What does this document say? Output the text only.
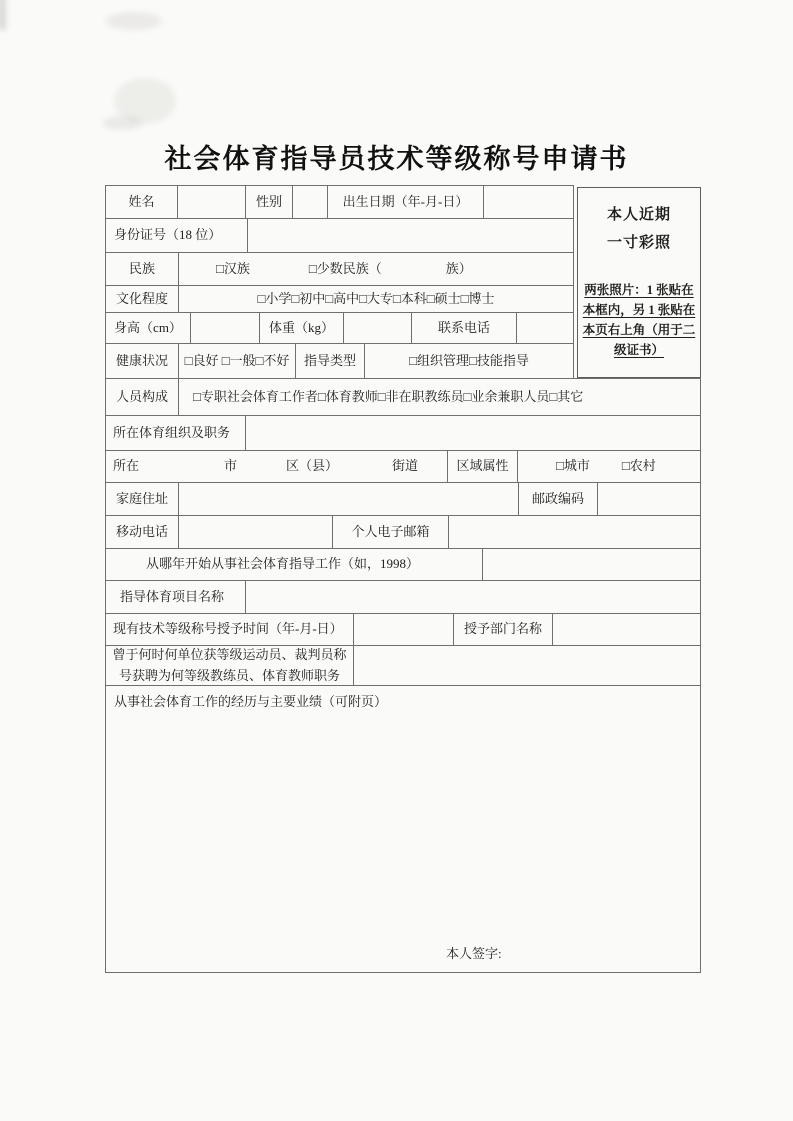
社会体育指导员技术等级称号申请书
姓名	性别	出生日期（年-月-日）
身份证号（18 位）
民族	□汉族	□少数民族（	族）
文化程度	□小学□初中□高中□大专□本科□硕士□博士
身高（cm）	体重（kg）	联系电话
健康状况	□良好 □一般□不好	指导类型	□组织管理□技能指导
本人近期
一寸彩照
两张照片：1 张贴在本框内，另 1 张贴在本页右上角（用于二级证书）
人员构成	□专职社会体育工作者□体育教师□非在职教练员□业余兼职人员□其它
所在体育组织及职务
所在	市	区（县）	街道	区域属性	□城市 □农村
家庭住址	邮政编码
移动电话	个人电子邮箱
从哪年开始从事社会体育指导工作（如，1998）
指导体育项目名称
现有技术等级称号授予时间（年-月-日）	授予部门名称
曾于何时何单位获等级运动员、裁判员称
号获聘为何等级教练员、体育教师职务
从事社会体育工作的经历与主要业绩（可附页）
本人签字:
